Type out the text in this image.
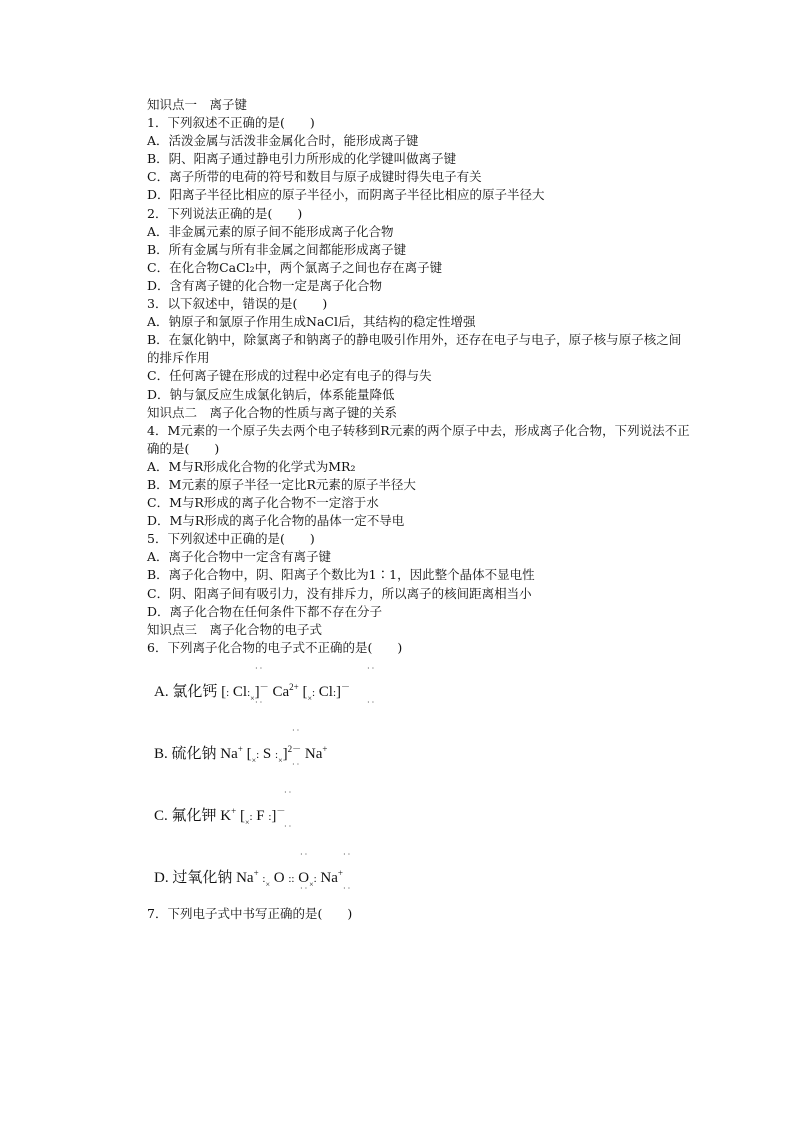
知识点一　离子键

1．下列叙述不正确的是(　　)

A．活泼金属与活泼非金属化合时，能形成离子键

B．阴、阳离子通过静电引力所形成的化学键叫做离子键

C．离子所带的电荷的符号和数目与原子成键时得失电子有关

D．阳离子半径比相应的原子半径小，而阴离子半径比相应的原子半径大

2．下列说法正确的是(　　)

A．非金属元素的原子间不能形成离子化合物

B．所有金属与所有非金属之间都能形成离子键

C．在化合物CaCl₂中，两个氯离子之间也存在离子键

D．含有离子键的化合物一定是离子化合物

3．以下叙述中，错误的是(　　)

A．钠原子和氯原子作用生成NaCl后，其结构的稳定性增强

B．在氯化钠中，除氯离子和钠离子的静电吸引作用外，还存在电子与电子，原子核与原子核之间的排斥作用

C．任何离子键在形成的过程中必定有电子的得与失

D．钠与氯反应生成氯化钠后，体系能量降低

知识点二　离子化合物的性质与离子键的关系

4．M元素的一个原子失去两个电子转移到R元素的两个原子中去，形成离子化合物，下列说法不正确的是(　　)

A．M与R形成化合物的化学式为MR₂

B．M元素的原子半径一定比R元素的原子半径大

C．M与R形成的离子化合物不一定溶于水

D．M与R形成的离子化合物的晶体一定不导电

5．下列叙述中正确的是(　　)

A．离子化合物中一定含有离子键

B．离子化合物中，阴、阳离子个数比为1∶1，因此整个晶体不显电性

C．阴、阳离子间有吸引力，没有排斥力，所以离子的核间距离相当小

D．离子化合物在任何条件下都不存在分子

知识点三　离子化合物的电子式

6．下列离子化合物的电子式不正确的是(　　)

··
··
··
··
A. 氯化钙 [: $Cl:_\times]^-$ $Ca^{2+}$ [$_\times$: Cl:]－
··
··
B. 硫化钠 Na+ [$_\times$: S $:_\times]^{2-}$ Na+
··
··
C. 氟化钾 K+ [$_\times$: F :]－
··
··
··
··
D. 过氧化钠 Na+ $:_\times$ O :: $O_\times$: Na+

7．下列电子式中书写正确的是(　　)
